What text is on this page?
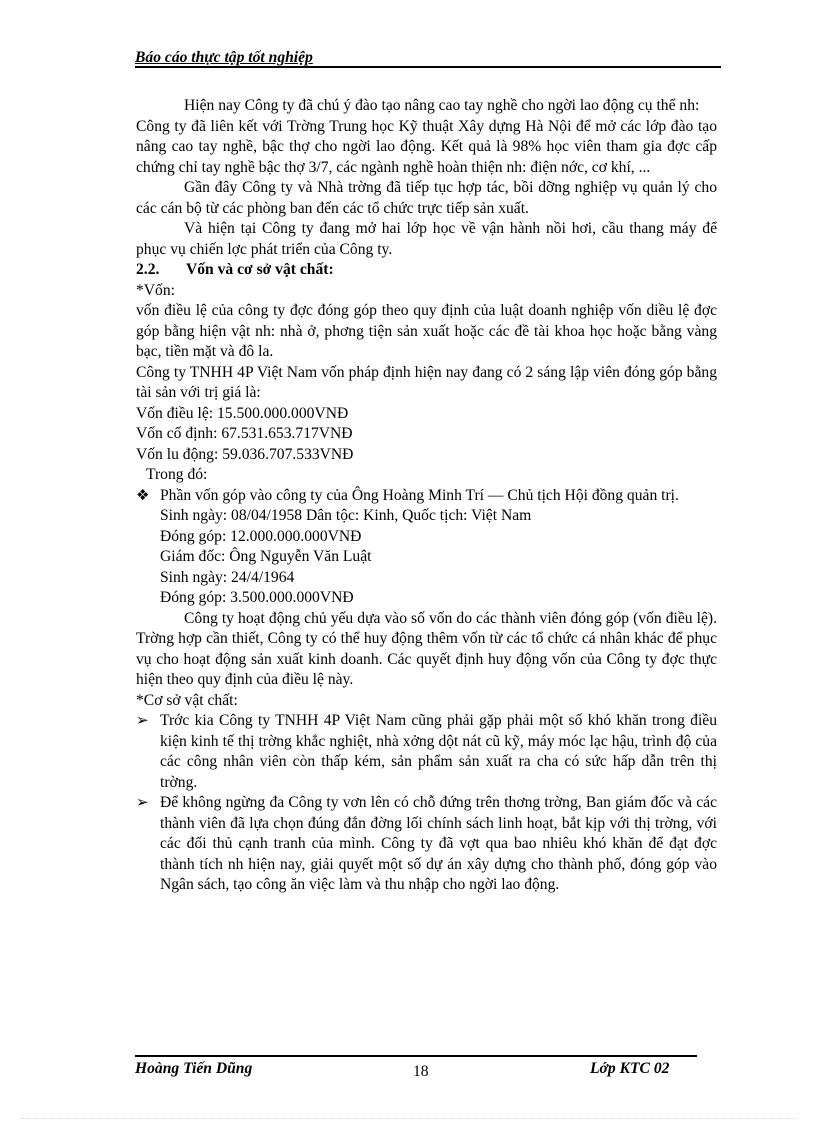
Báo cáo thực tập tốt nghiệp

Hiện nay Công ty đã chú ý đào tạo nâng cao tay nghề cho ngời lao động cụ thể nh:

Công ty đã liên kết với Trờng Trung học Kỹ thuật Xây dựng Hà Nội để mở các lớp đào tạo nâng cao tay nghề, bậc thợ cho ngời lao động. Kết quả là 98% học viên tham gia đợc cấp chứng chỉ tay nghề bậc thợ 3/7, các ngành nghề hoàn thiện nh: điện nớc, cơ khí, ...

Gần đây Công ty và Nhà trờng đã tiếp tục hợp tác, bồi dỡng nghiệp vụ quản lý cho các cán bộ từ các phòng ban đến các tổ chức trực tiếp sản xuất.

Và hiện tại Công ty đang mở hai lớp học về vận hành nồi hơi, cầu thang máy để phục vụ chiến lợc phát triển của Công ty.

2.2. Vốn và cơ sở vật chất:

*Vốn:

vốn điều lệ của công ty đợc đóng góp theo quy định của luật doanh nghiệp vốn diều lệ đợc góp bằng hiện vật nh: nhà ở, phơng tiện sản xuất hoặc các đề tài khoa học hoặc bằng vàng bạc, tiền mặt và đô la.

Công ty TNHH 4P Việt Nam vốn pháp định hiện nay đang có 2 sáng lập viên đóng góp bằng tài sản với trị giá là:

Vốn điều lệ: 15.500.000.000VNĐ

Vốn cố định: 67.531.653.717VNĐ

Vốn lu động: 59.036.707.533VNĐ

Trong đó:

❖ Phần vốn góp vào công ty của Ông Hoàng Minh Trí — Chủ tịch Hội đồng quản trị.

Sinh ngày: 08/04/1958 Dân tộc: Kinh, Quốc tịch: Việt Nam

Đóng góp: 12.000.000.000VNĐ

Giám đốc: Ông Nguyễn Văn Luật

Sinh ngày: 24/4/1964

Đóng góp: 3.500.000.000VNĐ

Công ty hoạt động chủ yếu dựa vào số vốn do các thành viên đóng góp (vốn điều lệ). Trờng hợp cần thiết, Công ty có thể huy động thêm vốn từ các tổ chức cá nhân khác để phục vụ cho hoạt động sản xuất kinh doanh. Các quyết định huy động vốn của Công ty đợc thực hiện theo quy định của điều lệ này.

*Cơ sở vật chất:

➢ Trớc kia Công ty TNHH 4P Việt Nam cũng phải gặp phải một số khó khăn trong điều kiện kinh tế thị trờng khắc nghiệt, nhà xởng dột nát cũ kỹ, máy móc lạc hậu, trình độ của các công nhân viên còn thấp kém, sản phẩm sản xuất ra cha có sức hấp dẫn trên thị trờng.
➢ Để không ngừng đa Công ty vơn lên có chỗ đứng trên thơng trờng, Ban giám đốc và các thành viên đã lựa chọn đúng đắn đờng lối chính sách linh hoạt, bắt kịp với thị trờng, với các đối thủ cạnh tranh của mình. Công ty đã vợt qua bao nhiêu khó khăn để đạt đợc thành tích nh hiện nay, giải quyết một số dự án xây dựng cho thành phố, đóng góp vào Ngân sách, tạo công ăn việc làm và thu nhập cho ngời lao động.
Hoàng Tiến Dũng	18	Lớp KTC 02
